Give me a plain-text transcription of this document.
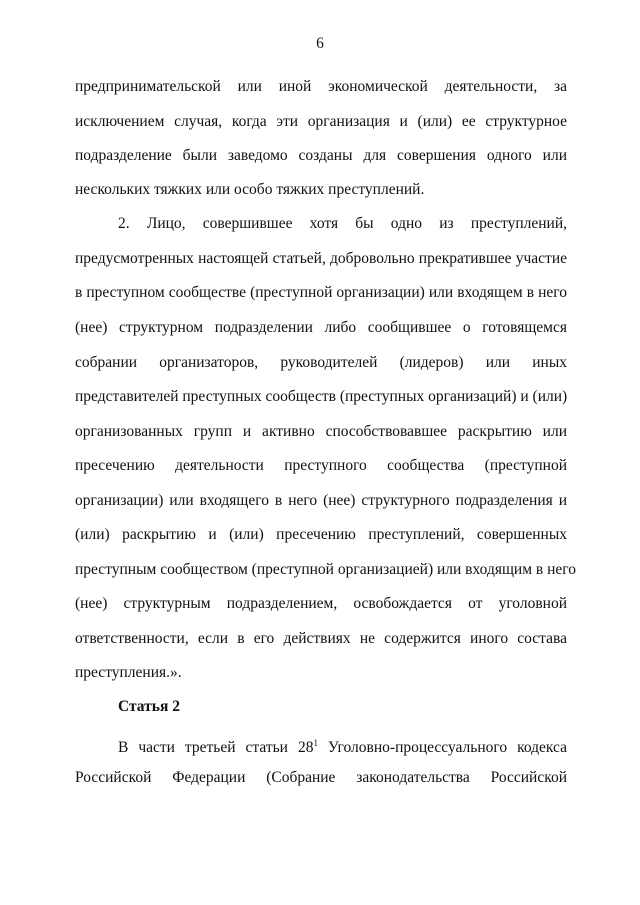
6
предпринимательской или иной экономической деятельности, за
исключением случая, когда эти организация и (или) ее структурное
подразделение были заведомо созданы для совершения одного или
нескольких тяжких или особо тяжких преступлений.
2. Лицо, совершившее хотя бы одно из преступлений,
предусмотренных настоящей статьей, добровольно прекратившее участие
в преступном сообществе (преступной организации) или входящем в него
(нее) структурном подразделении либо сообщившее о готовящемся
собрании организаторов, руководителей (лидеров) или иных
представителей преступных сообществ (преступных организаций) и (или)
организованных групп и активно способствовавшее раскрытию или
пресечению деятельности преступного сообщества (преступной
организации) или входящего в него (нее) структурного подразделения и
(или) раскрытию и (или) пресечению преступлений, совершенных
преступным сообществом (преступной организацией) или входящим в него
(нее) структурным подразделением, освобождается от уголовной
ответственности, если в его действиях не содержится иного состава
преступления.».
Статья 2
В части третьей статьи $28^1$ Уголовно-процессуального кодекса
Российской Федерации (Собрание законодательства Российской
